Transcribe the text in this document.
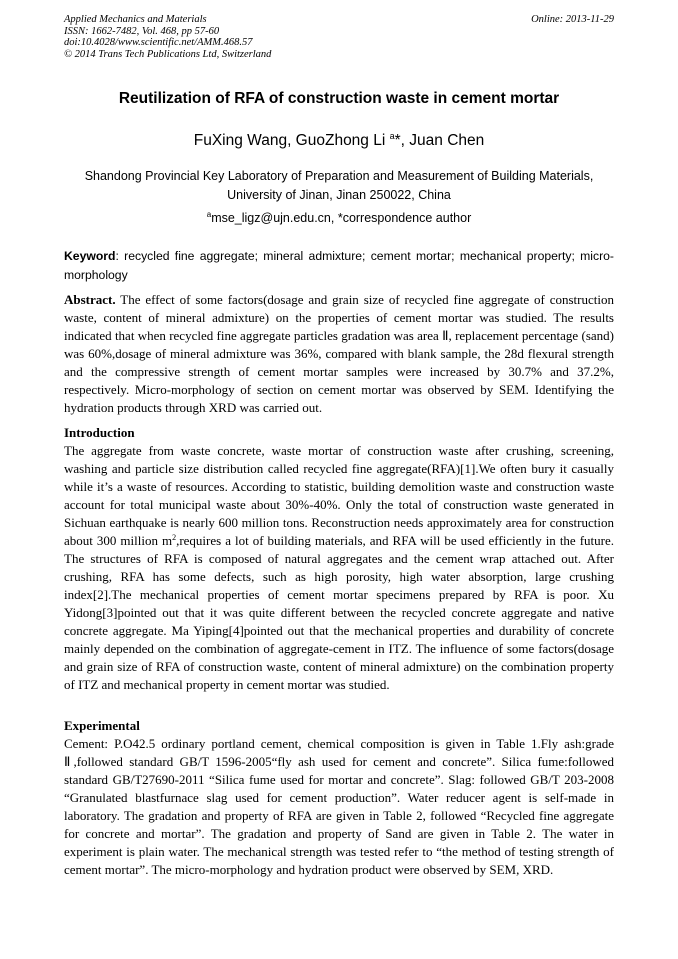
Applied Mechanics and Materials
ISSN: 1662-7482, Vol. 468, pp 57-60
doi:10.4028/www.scientific.net/AMM.468.57
© 2014 Trans Tech Publications Ltd, Switzerland
Online: 2013-11-29
Reutilization of RFA of construction waste in cement mortar
FuXing Wang, GuoZhong Li $^a$*, Juan Chen
Shandong Provincial Key Laboratory of Preparation and Measurement of Building Materials,
University of Jinan, Jinan 250022, China
$^a$mse_ligz@ujn.edu.cn, *correspondence author
Keyword: recycled fine aggregate; mineral admixture; cement mortar; mechanical property; micro-morphology
Abstract. The effect of some factors(dosage and grain size of recycled fine aggregate of construction waste, content of mineral admixture) on the properties of cement mortar was studied. The results indicated that when recycled fine aggregate particles gradation was area Ⅱ, replacement percentage (sand) was 60%,dosage of mineral admixture was 36%, compared with blank sample, the 28d flexural strength and the compressive strength of cement mortar samples were increased by 30.7% and 37.2%, respectively. Micro-morphology of section on cement mortar was observed by SEM. Identifying the hydration products through XRD was carried out.
Introduction
The aggregate from waste concrete, waste mortar of construction waste after crushing, screening, washing and particle size distribution called recycled fine aggregate(RFA)[1].We often bury it casually while it’s a waste of resources. According to statistic, building demolition waste and construction waste account for total municipal waste about 30%-40%. Only the total of construction waste generated in Sichuan earthquake is nearly 600 million tons. Reconstruction needs approximately area for construction about 300 million $m^2,requires$ a lot of building materials, and RFA will be used efficiently in the future. The structures of RFA is composed of natural aggregates and the cement wrap attached out. After crushing, RFA has some defects, such as high porosity, high water absorption, large crushing index[2].The mechanical properties of cement mortar specimens prepared by RFA is poor. Xu Yidong[3]pointed out that it was quite different between the recycled concrete aggregate and native concrete aggregate. Ma Yiping[4]pointed out that the mechanical properties and durability of concrete mainly depended on the combination of aggregate-cement in ITZ. The influence of some factors(dosage and grain size of RFA of construction waste, content of mineral admixture) on the combination property of ITZ and mechanical property in cement mortar was studied.
Experimental
Cement: P.O42.5 ordinary portland cement, chemical composition is given in Table 1.Fly ash:grade Ⅱ,followed standard GB/T 1596-2005“fly ash used for cement and concrete”. Silica fume:followed standard GB/T27690-2011 “Silica fume used for mortar and concrete”. Slag: followed GB/T 203-2008 “Granulated blastfurnace slag used for cement production”. Water reducer agent is self-made in laboratory. The gradation and property of RFA are given in Table 2, followed “Recycled fine aggregate for concrete and mortar”. The gradation and property of Sand are given in Table 2. The water in experiment is plain water. The mechanical strength was tested refer to “the method of testing strength of cement mortar”. The micro-morphology and hydration product were observed by SEM, XRD.
